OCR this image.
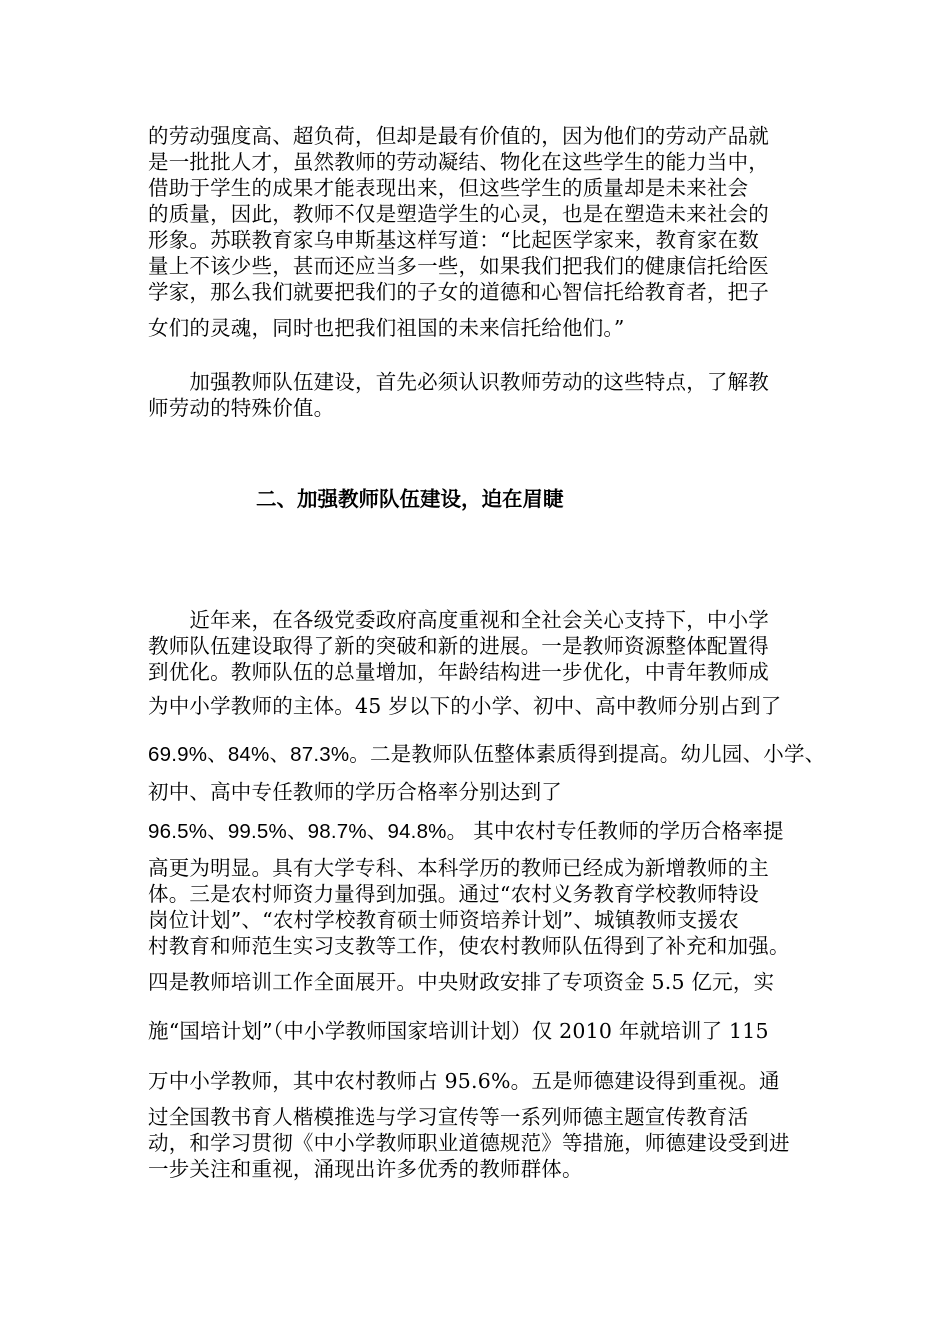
的劳动强度高、超负荷，但却是最有价值的，因为他们的劳动产品就
是一批批人才，虽然教师的劳动凝结、物化在这些学生的能力当中，
借助于学生的成果才能表现出来，但这些学生的质量却是未来社会
的质量，因此，教师不仅是塑造学生的心灵，也是在塑造未来社会的
形象。苏联教育家乌申斯基这样写道：“比起医学家来，教育家在数
量上不该少些，甚而还应当多一些，如果我们把我们的健康信托给医
学家，那么我们就要把我们的子女的道德和心智信托给教育者，把子
女们的灵魂，同时也把我们祖国的未来信托给他们。”
　　加强教师队伍建设，首先必须认识教师劳动的这些特点，了解教
师劳动的特殊价值。
二、加强教师队伍建设，迫在眉睫
　　近年来，在各级党委政府高度重视和全社会关心支持下，中小学
教师队伍建设取得了新的突破和新的进展。一是教师资源整体配置得
到优化。教师队伍的总量增加，年龄结构进一步优化，中青年教师成
为中小学教师的主体。45 岁以下的小学、初中、高中教师分别占到了
69.9%、84%、87.3%。二是教师队伍整体素质得到提高。幼儿园、小学、
初中、高中专任教师的学历合格率分别达到了
96.5%、99.5%、98.7%、94.8%。 其中农村专任教师的学历合格率提
高更为明显。具有大学专科、本科学历的教师已经成为新增教师的主
体。三是农村师资力量得到加强。通过“农村义务教育学校教师特设
岗位计划”、“农村学校教育硕士师资培养计划”、城镇教师支援农
村教育和师范生实习支教等工作，使农村教师队伍得到了补充和加强。
四是教师培训工作全面展开。中央财政安排了专项资金 5.5 亿元，实
施“国培计划”（中小学教师国家培训计划）仅 2010 年就培训了 115
万中小学教师，其中农村教师占 95.6%。五是师德建设得到重视。通
过全国教书育人楷模推选与学习宣传等一系列师德主题宣传教育活
动，和学习贯彻《中小学教师职业道德规范》等措施，师德建设受到进
一步关注和重视，涌现出许多优秀的教师群体。
